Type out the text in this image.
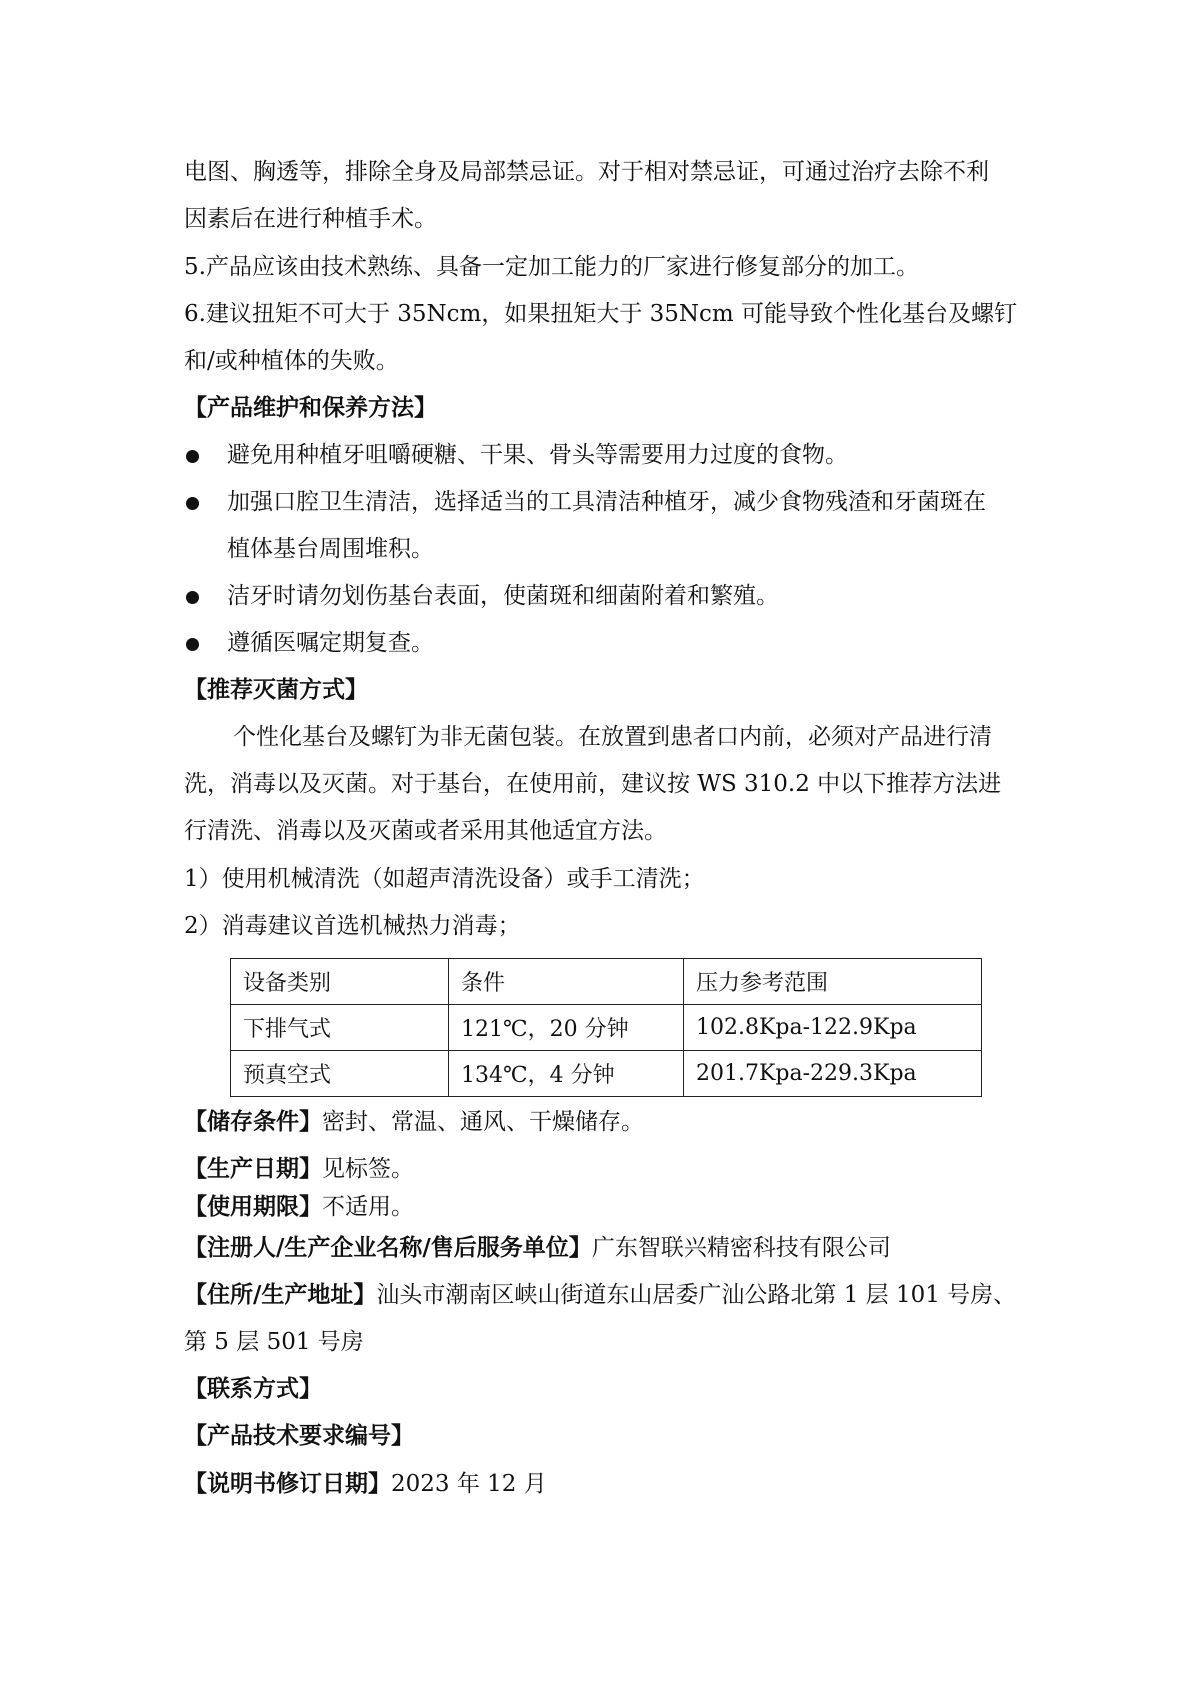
电图、胸透等，排除全身及局部禁忌证。对于相对禁忌证，可通过治疗去除不利
因素后在进行种植手术。
5.产品应该由技术熟练、具备一定加工能力的厂家进行修复部分的加工。
6.建议扭矩不可大于 35Ncm，如果扭矩大于 35Ncm 可能导致个性化基台及螺钉
和/或种植体的失败。
【产品维护和保养方法】
避免用种植牙咀嚼硬糖、干果、骨头等需要用力过度的食物。
加强口腔卫生清洁，选择适当的工具清洁种植牙，减少食物残渣和牙菌斑在
植体基台周围堆积。
洁牙时请勿划伤基台表面，使菌斑和细菌附着和繁殖。
遵循医嘱定期复查。
【推荐灭菌方式】
个性化基台及螺钉为非无菌包装。在放置到患者口内前，必须对产品进行清
洗，消毒以及灭菌。对于基台，在使用前，建议按 WS 310.2 中以下推荐方法进
行清洗、消毒以及灭菌或者采用其他适宜方法。
1）使用机械清洗（如超声清洗设备）或手工清洗；
2）消毒建议首选机械热力消毒；
设备类别	条件	压力参考范围
下排气式	121℃，20 分钟	102.8Kpa-122.9Kpa
预真空式	134℃，4 分钟	201.7Kpa-229.3Kpa
【储存条件】密封、常温、通风、干燥储存。
【生产日期】见标签。
【使用期限】不适用。
【注册人/生产企业名称/售后服务单位】广东智联兴精密科技有限公司
【住所/生产地址】汕头市潮南区峡山街道东山居委广汕公路北第 1 层 101 号房、
第 5 层 501 号房
【联系方式】
【产品技术要求编号】
【说明书修订日期】2023 年 12 月
